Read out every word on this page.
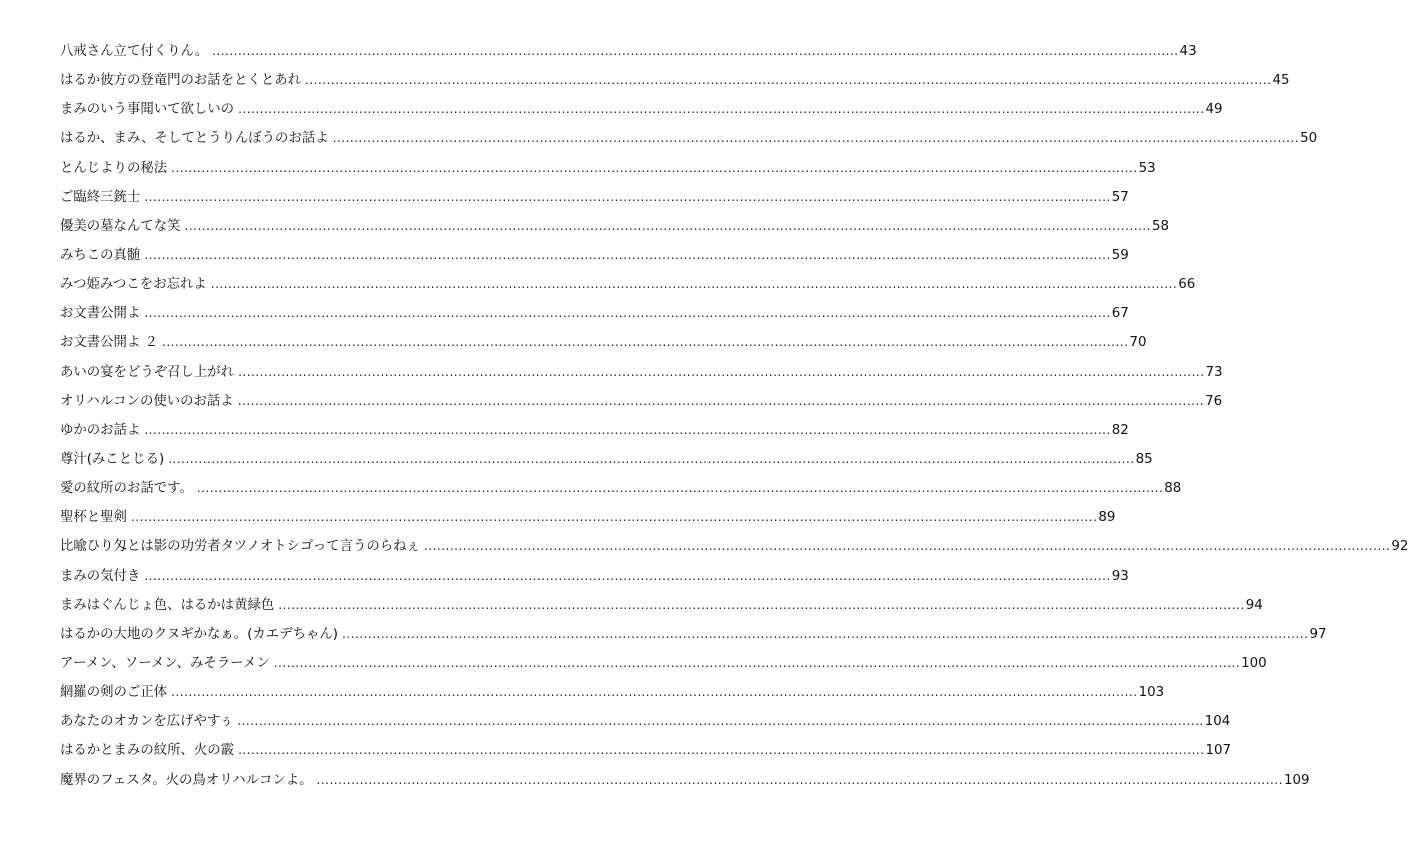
八戒さん立て付くりん。 .....	43
はるか彼方の登竜門のお話をとくとあれ .....	45
まみのいう事聞いて欲しいの .....	49
はるか、まみ、そしてとうりんぼうのお話よ .....	50
とんじよりの秘法 .....	53
ご臨終三銃士 .....	57
優美の墓なんてな笑 .....	58
みちこの真髄 .....	59
みつ姫みつこをお忘れよ .....	66
お文書公開よ .....	67
お文書公開よ ２ .....	70
あいの宴をどうぞ召し上がれ .....	73
オリハルコンの使いのお話よ .....	76
ゆかのお話よ .....	82
尊汁(みことじる) .....	85
愛の紋所のお話です。 .....	88
聖杯と聖剣 .....	89
比喩ひり匁とは影の功労者タツノオトシゴって言うのらねぇ .....	92
まみの気付き .....	93
まみはぐんじょ色、はるかは黄緑色 .....	94
はるかの大地のクヌギかなぁ。(カエデちゃん) .....	97
アーメン、ソーメン、みそラーメン .....	100
網羅の剣のご正体 .....	103
あなたのオカンを広げやすぅ .....	104
はるかとまみの紋所、火の霰 .....	107
魔界のフェスタ。火の鳥オリハルコンよ。 .....	109
